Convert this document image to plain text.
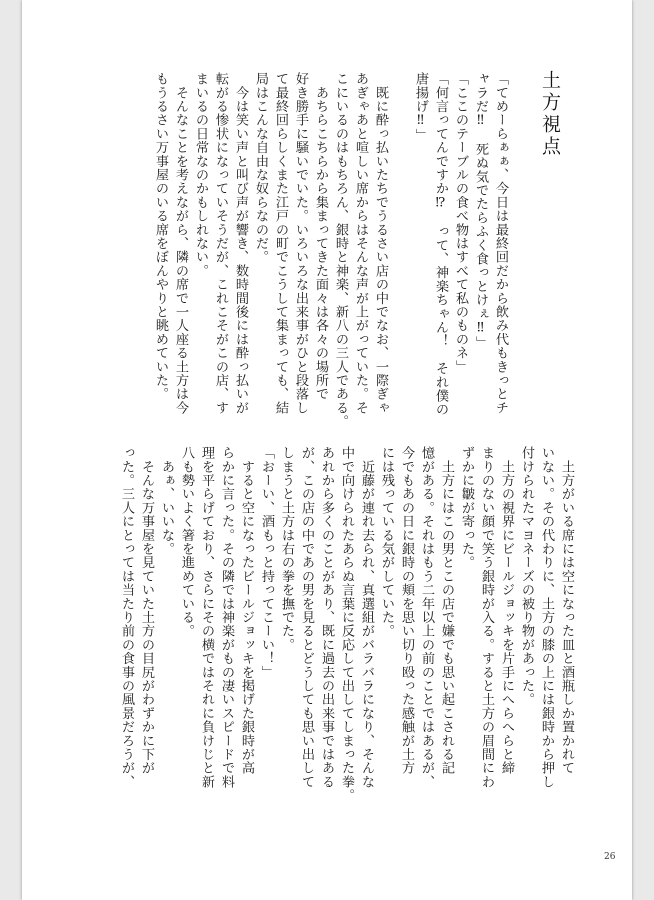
土方視点
「てめーらぁぁ、今日は最終回だから飲み代もきっとチ
ャラだ‼　死ぬ気でたらふく食っとけぇ‼」
「ここのテーブルの食べ物はすべて私のものネ」
「何言ってんですか⁉　って、神楽ちゃん！　それ僕の
唐揚げ‼」

　既に酔っ払いたちでうるさい店の中でなお、一際ぎゃ
あぎゃあと喧しい席からはそんな声が上がっていた。そ
こにいるのはもちろん、銀時と神楽、新八の三人である。
　あちらこちらから集まってきた面々は各々の場所で
好き勝手に騒いでいた。いろいろな出来事がひと段落し
て最終回らしくまた江戸の町でこうして集まっても、結
局はこんな自由な奴らなのだ。
　今は笑い声と叫び声が響き、数時間後には酔っ払いが
転がる惨状になっていそうだが、これこそがこの店、す
まいるの日常なのかもしれない。
　そんなことを考えながら、隣の席で一人座る土方は今
もうるさい万事屋のいる席をぼんやりと眺めていた。
　土方がいる席には空になった皿と酒瓶しか置かれて
いない。その代わりに、土方の膝の上には銀時から押し
付けられたマヨネーズの被り物があった。
　土方の視界にビールジョッキを片手にへらへらと締
まりのない顔で笑う銀時が入る。すると土方の眉間にわ
ずかに皺が寄った。
　土方にはこの男とこの店で嫌でも思い起こされる記
憶がある。それはもう二年以上の前のことではあるが、
今でもあの日に銀時の頬を思い切り殴った感触が土方
には残っている気がしていた。
　近藤が連れ去られ、真選組がバラバラになり、そんな
中で向けられたあらぬ言葉に反応して出してしまった拳。
あれから多くのことがあり、既に過去の出来事ではある
が、この店の中であの男を見るとどうしても思い出して
しまうと土方は右の拳を撫でた。
「おーい、酒もっと持ってこーい！」
　すると空になったビールジョッキを掲げた銀時が高
らかに言った。その隣では神楽がもの凄いスピードで料
理を平らげており、さらにその横ではそれに負けじと新
八も勢いよく箸を進めている。
　あぁ、いいな。
　そんな万事屋を見ていた土方の目尻がわずかに下が
った。三人にとっては当たり前の食事の風景だろうが、
26
